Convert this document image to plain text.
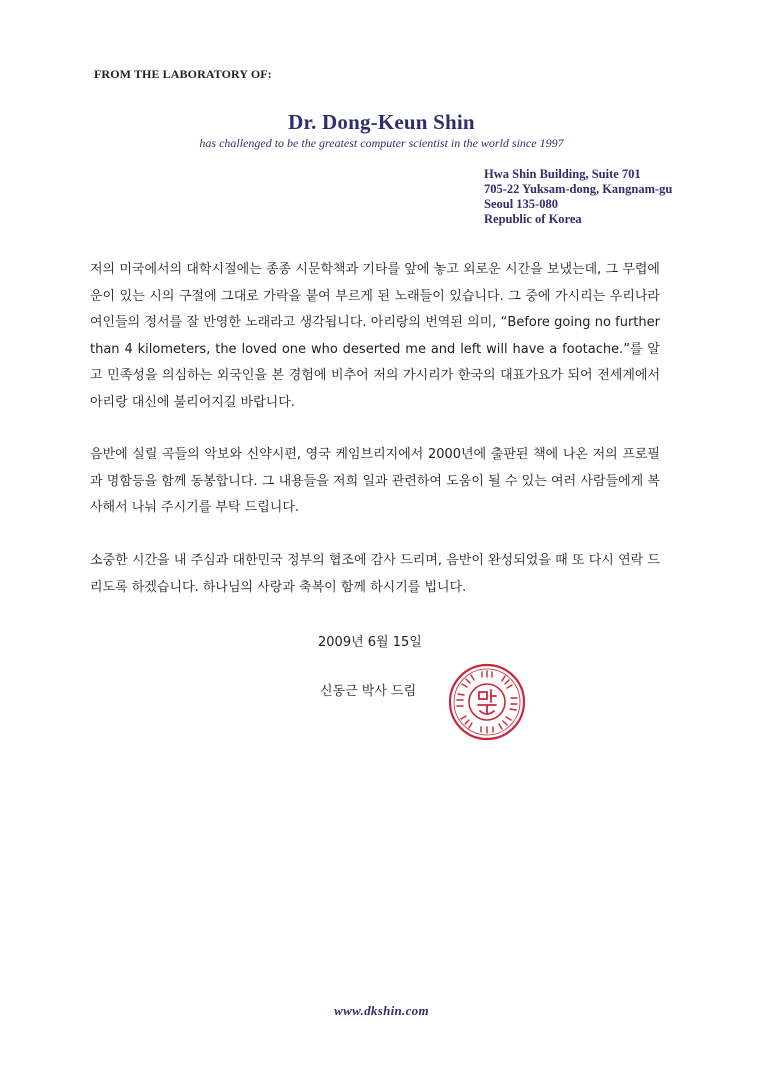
FROM THE LABORATORY OF:
Dr. Dong-Keun Shin
has challenged to be the greatest computer scientist in the world since 1997
Hwa Shin Building, Suite 701
705-22 Yuksam-dong, Kangnam-gu
Seoul 135-080
Republic of Korea
저의 미국에서의 대학시절에는 종종 시문학책과 기타를 앞에 놓고 외로운 시간을 보냈는데, 그 무렵에 운이 있는 시의 구절에 그대로 가락을 붙여 부르게 된 노래들이 있습니다. 그 중에 가시리는 우리나라 여인들의 정서를 잘 반영한 노래라고 생각됩니다. 아리랑의 번역된 의미, “Before going no further than 4 kilometers, the loved one who deserted me and left will have a footache.”를 알고 민족성을 의심하는 외국인을 본 경험에 비추어 저의 가시리가 한국의 대표가요가 되어 전세계에서 아리랑 대신에 불리어지길 바랍니다.
음반에 실릴 곡들의 악보와 신약시편, 영국 케임브리지에서 2000년에 출판된 책에 나온 저의 프로필과 명함등을 함께 동봉합니다. 그 내용들을 저희 일과 관련하여 도움이 될 수 있는 여러 사람들에게 복사해서 나눠 주시기를 부탁 드립니다.
소중한 시간을 내 주심과 대한민국 정부의 협조에 감사 드리며, 음반이 완성되었을 때 또 다시 연락 드리도록 하겠습니다. 하나님의 사랑과 축복이 함께 하시기를 빕니다.
2009년 6월 15일
신동근 박사 드림
www.dkshin.com
